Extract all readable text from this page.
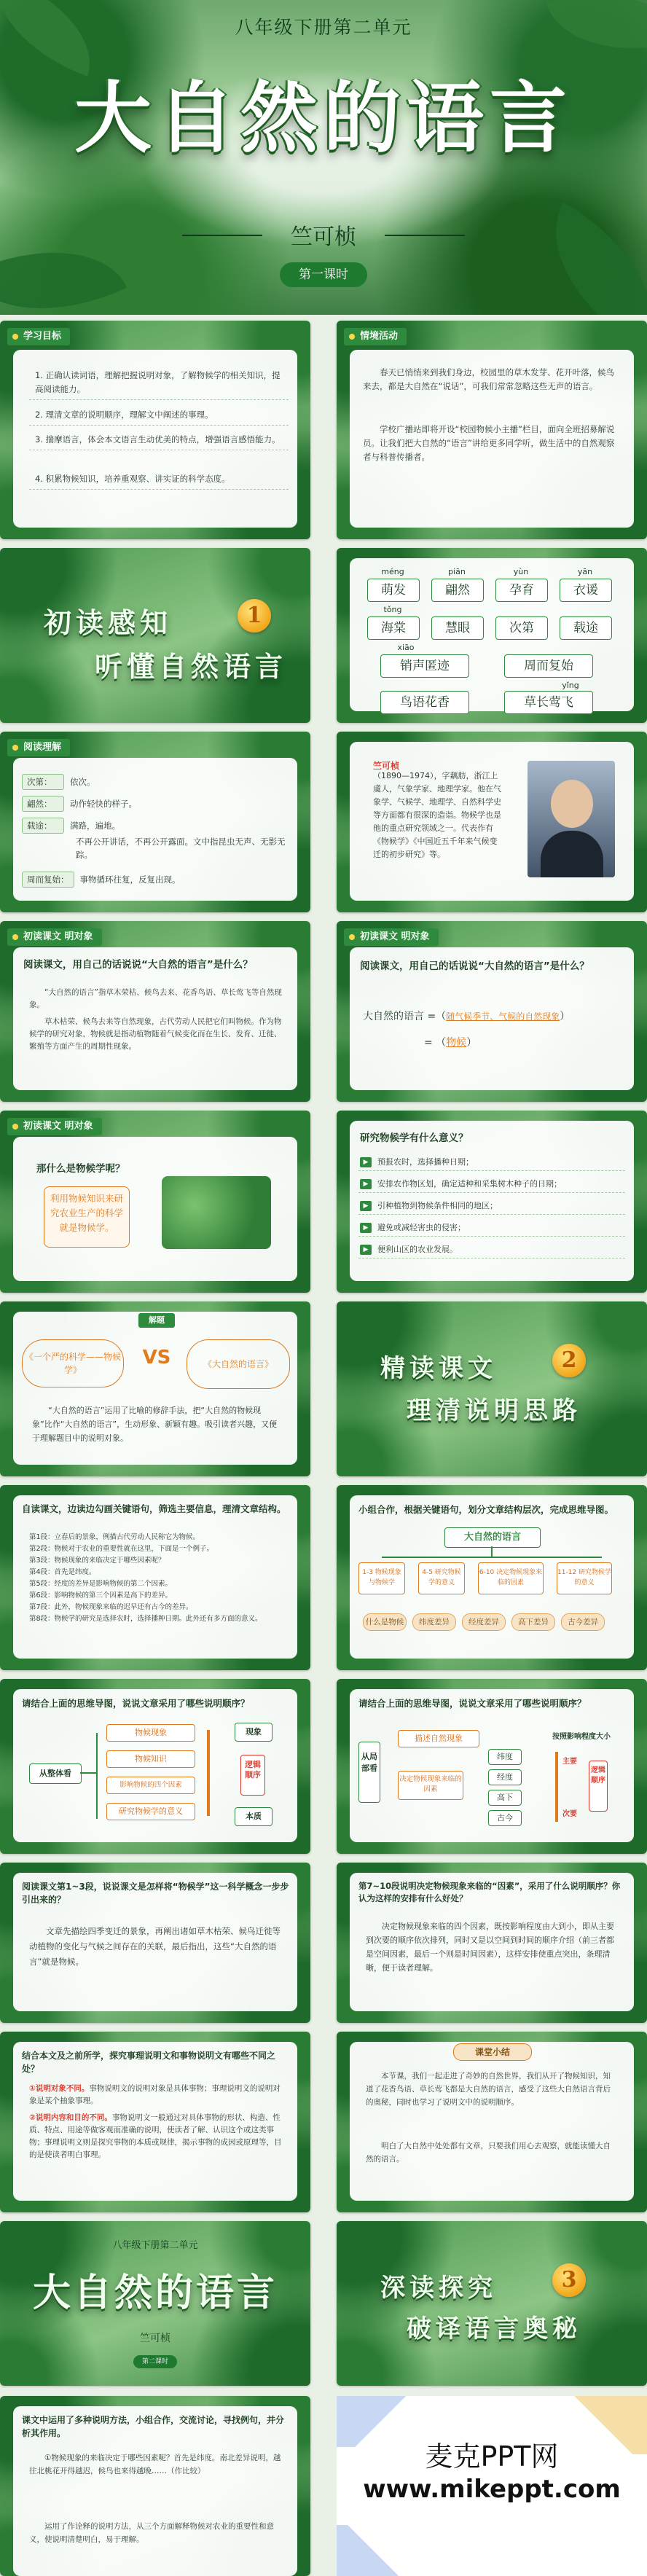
八年级下册第二单元
大自然的语言
竺可桢
第一课时
学习目标
1. 正确认读词语，理解把握说明对象，了解物候学的相关知识，提高阅读能力。
2. 理清文章的说明顺序，理解文中阐述的事理。
3. 揣摩语言，体会本文语言生动优美的特点，增强语言感悟能力。
4. 积累物候知识，培养重观察、讲实证的科学态度。
情境活动
春天已悄悄来到我们身边，校园里的草木发芽、花开叶落，候鸟来去，都是大自然在“说话”，可我们常常忽略这些无声的语言。
学校广播站即将开设“校园物候小主播”栏目，面向全班招募解说员。让我们把大自然的“语言”讲给更多同学听，做生活中的自然观察者与科普传播者。
初读感知
听懂自然语言
1
méng	piān	yùn	yān
萌发	翩然	孕育	衣谖
tǒnɡ
海棠	慧眼	次第	载途
xiāo
销声匿迹	周而复始
yǐng
鸟语花香	草长莺飞
阅读理解
次第： 依次。
翩然： 动作轻快的样子。
载途： 满路，遍地。
不再公开讲话，不再公开露面。文中指昆虫无声、无影无踪。
周而复始： 事物循环往复，反复出现。
竺可桢
（1890—1974），字藕舫，浙江上虞人，气象学家、地理学家。他在气象学、气候学、地理学、自然科学史等方面都有很深的造诣。物候学也是他的重点研究领域之一。代表作有《物候学》《中国近五千年来气候变迁的初步研究》等。
初读课文 明对象
阅读课文，用自己的话说说“大自然的语言”是什么？
“大自然的语言”指草木荣枯、候鸟去来、花香鸟语、草长莺飞等自然现象。
草木枯荣、候鸟去来等自然现象，古代劳动人民把它们叫物候。作为物候学的研究对象，物候就是指动植物随着气候变化而在生长、发育、迁徙、繁殖等方面产生的周期性现象。
初读课文 明对象
阅读课文，用自己的话说说“大自然的语言”是什么？
大自然的语言 =（随气候季节、气候的自然现象）
= （物候）
初读课文 明对象
那什么是物候学呢？
利用物候知识来研究农业生产的科学就是物候学。
研究物候学有什么意义？
▶	预报农时，选择播种日期；
▶	安排农作物区划，确定适种和采集树木种子的日期；
▶	引种植物到物候条件相同的地区；
▶	避免或减轻害虫的侵害；
▶	便利山区的农业发展。
解题
《一个严的科学——物候学》
VS	《大自然的语言》
“大自然的语言”运用了比喻的修辞手法，把“大自然的物候现象”比作“大自然的语言”，生动形象、新颖有趣。吸引读者兴趣，又便于理解题目中的说明对象。
精读课文
理清说明思路
2
自读课文，边读边勾画关键语句，筛选主要信息，理清文章结构。
第1段：立春后的景象，例描古代劳动人民称它为物候。
第2段：物候对于农业的重要性就在这里，下面是一个例子。
第3段：物候现象的来临决定于哪些因素呢？
第4段：首先是纬度。
第5段：经度的差异是影响物候的第二个因素。
第6段：影响物候的第三个因素是高下的差异。
第7段：此外，物候现象来临的迟早还有古今的差异。
第8段：物候学的研究是选择农时，选择播种日期。此外还有多方面的意义。
小组合作，根据关键语句，划分文章结构层次，完成思维导图。
大自然的语言
1-3 物候现象与物候学
4-5 研究物候学的意义
6-10 决定物候现象来临的因素
11-12 研究物候学的意义
什么是物候	纬度差异	经度差异	高下差异	古今差异
请结合上面的思维导图，说说文章采用了哪些说明顺序？
从整体看
物候现象
物候知识
影响物候的四个因素
研究物候学的意义
现象
逻辑顺序
本质
请结合上面的思维导图，说说文章采用了哪些说明顺序？
从局部看
描述自然现象
决定物候现象来临的因素
纬度
经度
高下
古今
按照影响程度大小
主要
次要
逻辑顺序
阅读课文第1~3段，说说课文是怎样将“物候学”这一科学概念一步步引出来的？
文章先描绘四季变迁的景象，再阐出诸如草木枯荣、候鸟迁徙等动植物的变化与气候之间存在的关联，最后指出，这些“大自然的语言”就是物候。
第7~10段说明决定物候现象来临的“因素”，采用了什么说明顺序？你认为这样的安排有什么好处？
决定物候现象来临的四个因素，既按影响程度由大到小，即从主要到次要的顺序依次排列，同时又是以空间到时间的顺序介绍（前三者都是空间因素，最后一个则是时间因素），这样安排使重点突出，条理清晰，便于读者理解。
结合本文及之前所学，探究事理说明文和事物说明文有哪些不同之处？
①说明对象不同。事物说明文的说明对象是具体事物；事理说明文的说明对象是某个抽象事理。
②说明内容和目的不同。事物说明文一般通过对具体事物的形状、构造、性质、特点、用途等做客观而准确的说明，使读者了解、认识这个或这类事物；事理说明文则是探究事物的本质或规律，揭示事物的成因或原理等，目的是使读者明白事理。
课堂小结
本节课，我们一起走进了奇妙的自然世界，我们从开了物候知识，知道了花香鸟语、草长莺飞都是大自然的语言，感受了这些大自然语言背后的奥秘，同时也学习了说明文中的说明顺序。
明白了大自然中处处都有文章，只要我们用心去观察，就能读懂大自然的语言。
八年级下册第二单元
大自然的语言
竺可桢
第二课时
深读探究
破译语言奥秘
3
课文中运用了多种说明方法，小组合作，交流讨论，寻找例句，并分析其作用。
①物候现象的来临决定于哪些因素呢？首先是纬度。南北差异说明，越往北桃花开得越迟，候鸟也来得越晚……（作比较）
运用了作诠释的说明方法，从三个方面解释物候对农业的重要性和意义，使说明清楚明白，易于理解。
麦克PPT网
www.mikeppt.com
